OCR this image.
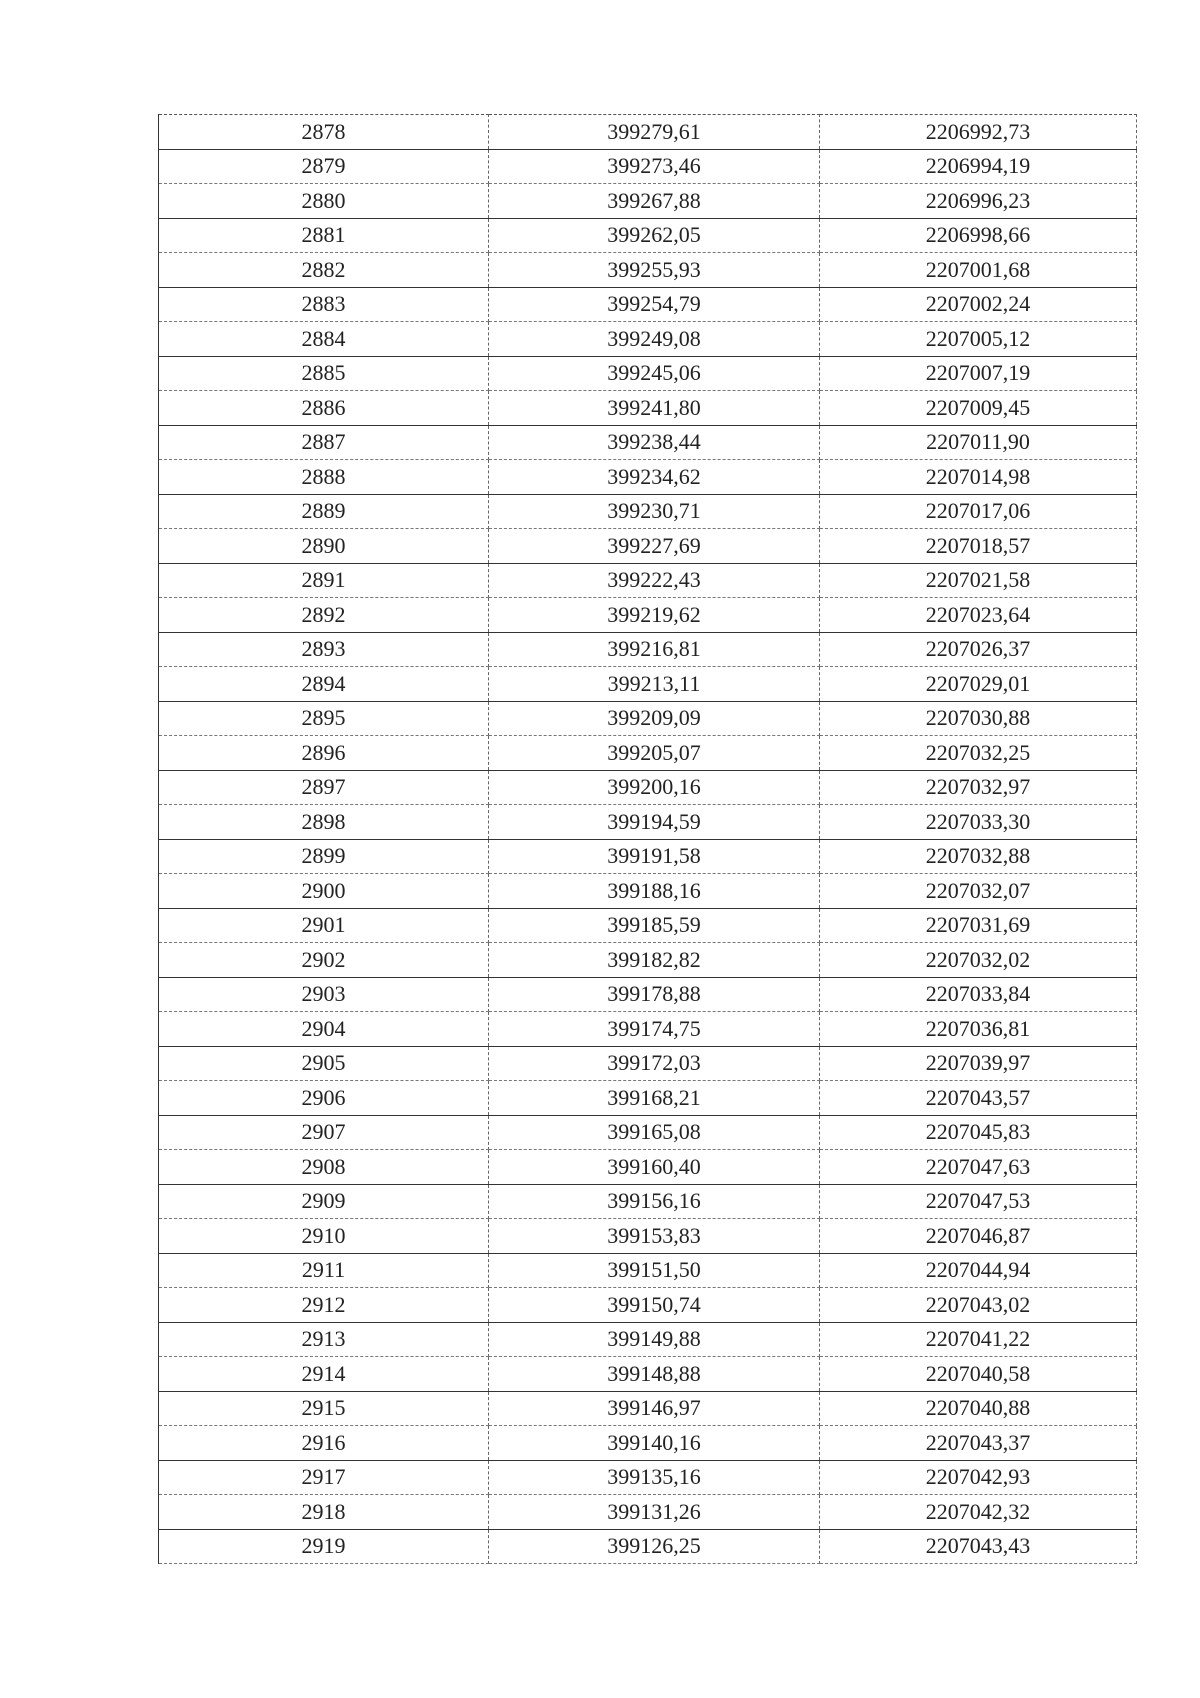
2878	399279,61	2206992,73
2879	399273,46	2206994,19
2880	399267,88	2206996,23
2881	399262,05	2206998,66
2882	399255,93	2207001,68
2883	399254,79	2207002,24
2884	399249,08	2207005,12
2885	399245,06	2207007,19
2886	399241,80	2207009,45
2887	399238,44	2207011,90
2888	399234,62	2207014,98
2889	399230,71	2207017,06
2890	399227,69	2207018,57
2891	399222,43	2207021,58
2892	399219,62	2207023,64
2893	399216,81	2207026,37
2894	399213,11	2207029,01
2895	399209,09	2207030,88
2896	399205,07	2207032,25
2897	399200,16	2207032,97
2898	399194,59	2207033,30
2899	399191,58	2207032,88
2900	399188,16	2207032,07
2901	399185,59	2207031,69
2902	399182,82	2207032,02
2903	399178,88	2207033,84
2904	399174,75	2207036,81
2905	399172,03	2207039,97
2906	399168,21	2207043,57
2907	399165,08	2207045,83
2908	399160,40	2207047,63
2909	399156,16	2207047,53
2910	399153,83	2207046,87
2911	399151,50	2207044,94
2912	399150,74	2207043,02
2913	399149,88	2207041,22
2914	399148,88	2207040,58
2915	399146,97	2207040,88
2916	399140,16	2207043,37
2917	399135,16	2207042,93
2918	399131,26	2207042,32
2919	399126,25	2207043,43
